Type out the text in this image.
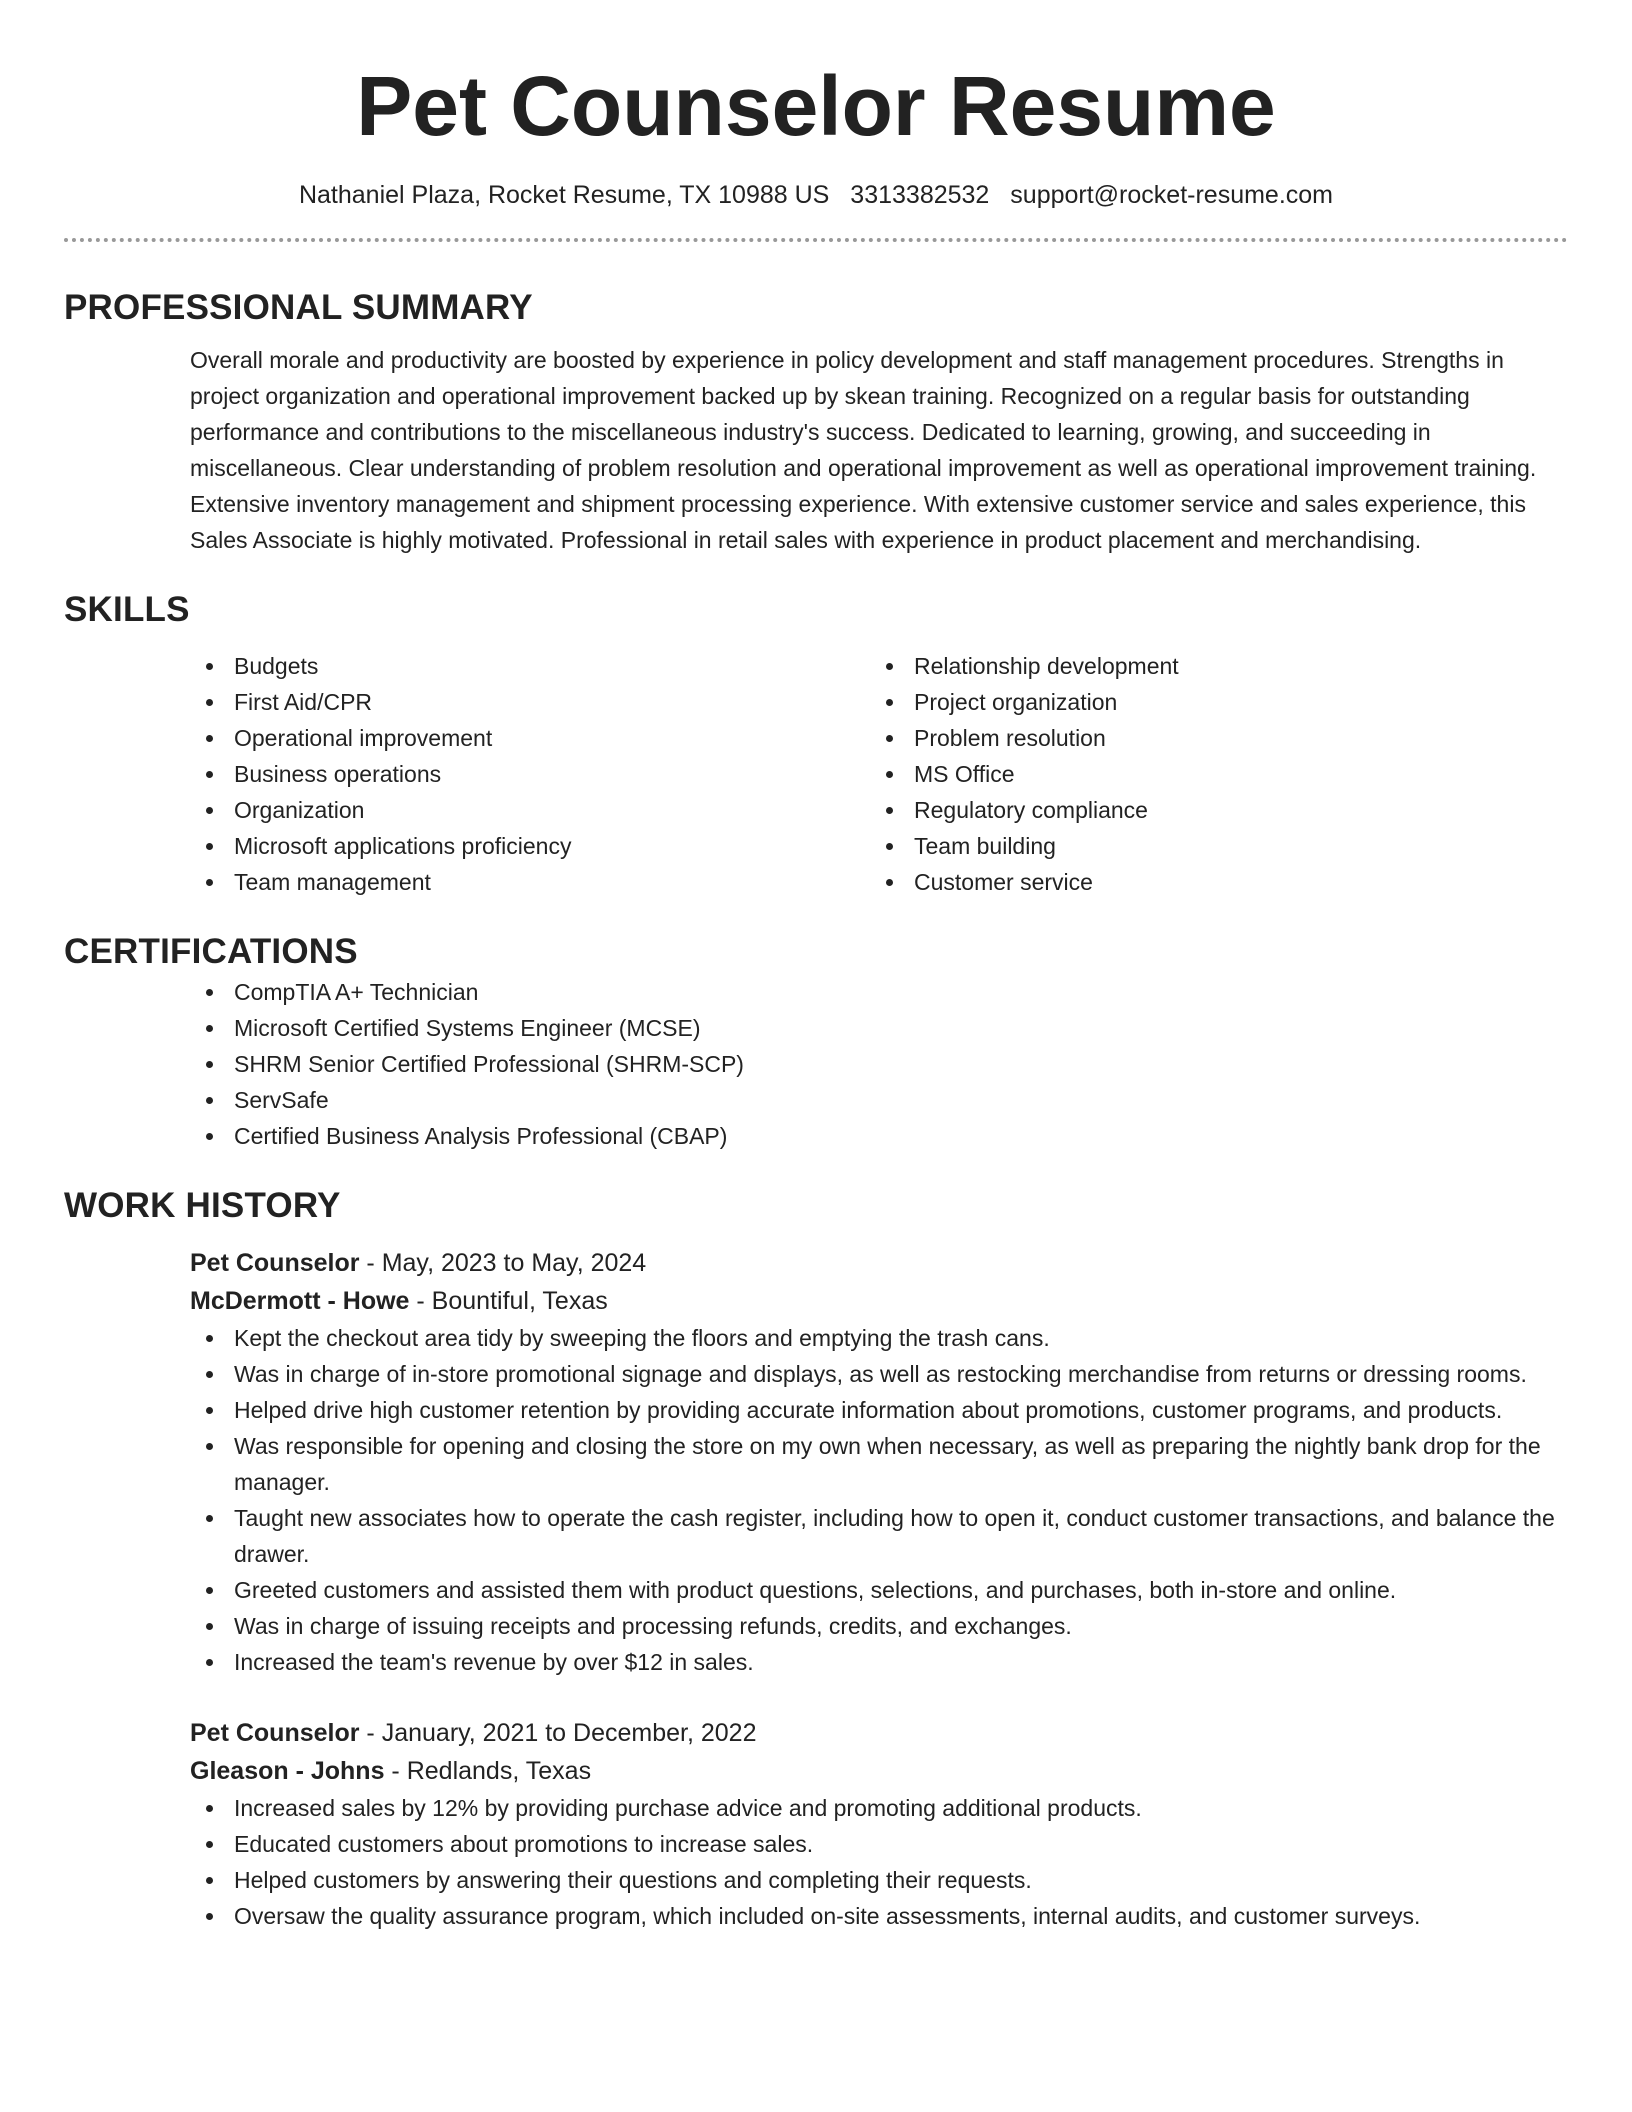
Pet Counselor Resume
Nathaniel Plaza, Rocket Resume, TX 10988 US 3313382532 support@rocket-resume.com
PROFESSIONAL SUMMARY

Overall morale and productivity are boosted by experience in policy development and staff management procedures. Strengths in project organization and operational improvement backed up by skean training. Recognized on a regular basis for outstanding performance and contributions to the miscellaneous industry's success. Dedicated to learning, growing, and succeeding in miscellaneous. Clear understanding of problem resolution and operational improvement as well as operational improvement training. Extensive inventory management and shipment processing experience. With extensive customer service and sales experience, this Sales Associate is highly motivated. Professional in retail sales with experience in product placement and merchandising.

SKILLS
Budgets
First Aid/CPR
Operational improvement
Business operations
Organization
Microsoft applications proficiency
Team management
Relationship development
Project organization
Problem resolution
MS Office
Regulatory compliance
Team building
Customer service
CERTIFICATIONS
CompTIA A+ Technician
Microsoft Certified Systems Engineer (MCSE)
SHRM Senior Certified Professional (SHRM-SCP)
ServSafe
Certified Business Analysis Professional (CBAP)
WORK HISTORY
Pet Counselor - May, 2023 to May, 2024
McDermott - Howe - Bountiful, Texas
Kept the checkout area tidy by sweeping the floors and emptying the trash cans.
Was in charge of in-store promotional signage and displays, as well as restocking merchandise from returns or dressing rooms.
Helped drive high customer retention by providing accurate information about promotions, customer programs, and products.
Was responsible for opening and closing the store on my own when necessary, as well as preparing the nightly bank drop for the manager.
Taught new associates how to operate the cash register, including how to open it, conduct customer transactions, and balance the drawer.
Greeted customers and assisted them with product questions, selections, and purchases, both in-store and online.
Was in charge of issuing receipts and processing refunds, credits, and exchanges.
Increased the team's revenue by over $12 in sales.
Pet Counselor - January, 2021 to December, 2022
Gleason - Johns - Redlands, Texas
Increased sales by 12% by providing purchase advice and promoting additional products.
Educated customers about promotions to increase sales.
Helped customers by answering their questions and completing their requests.
Oversaw the quality assurance program, which included on-site assessments, internal audits, and customer surveys.
